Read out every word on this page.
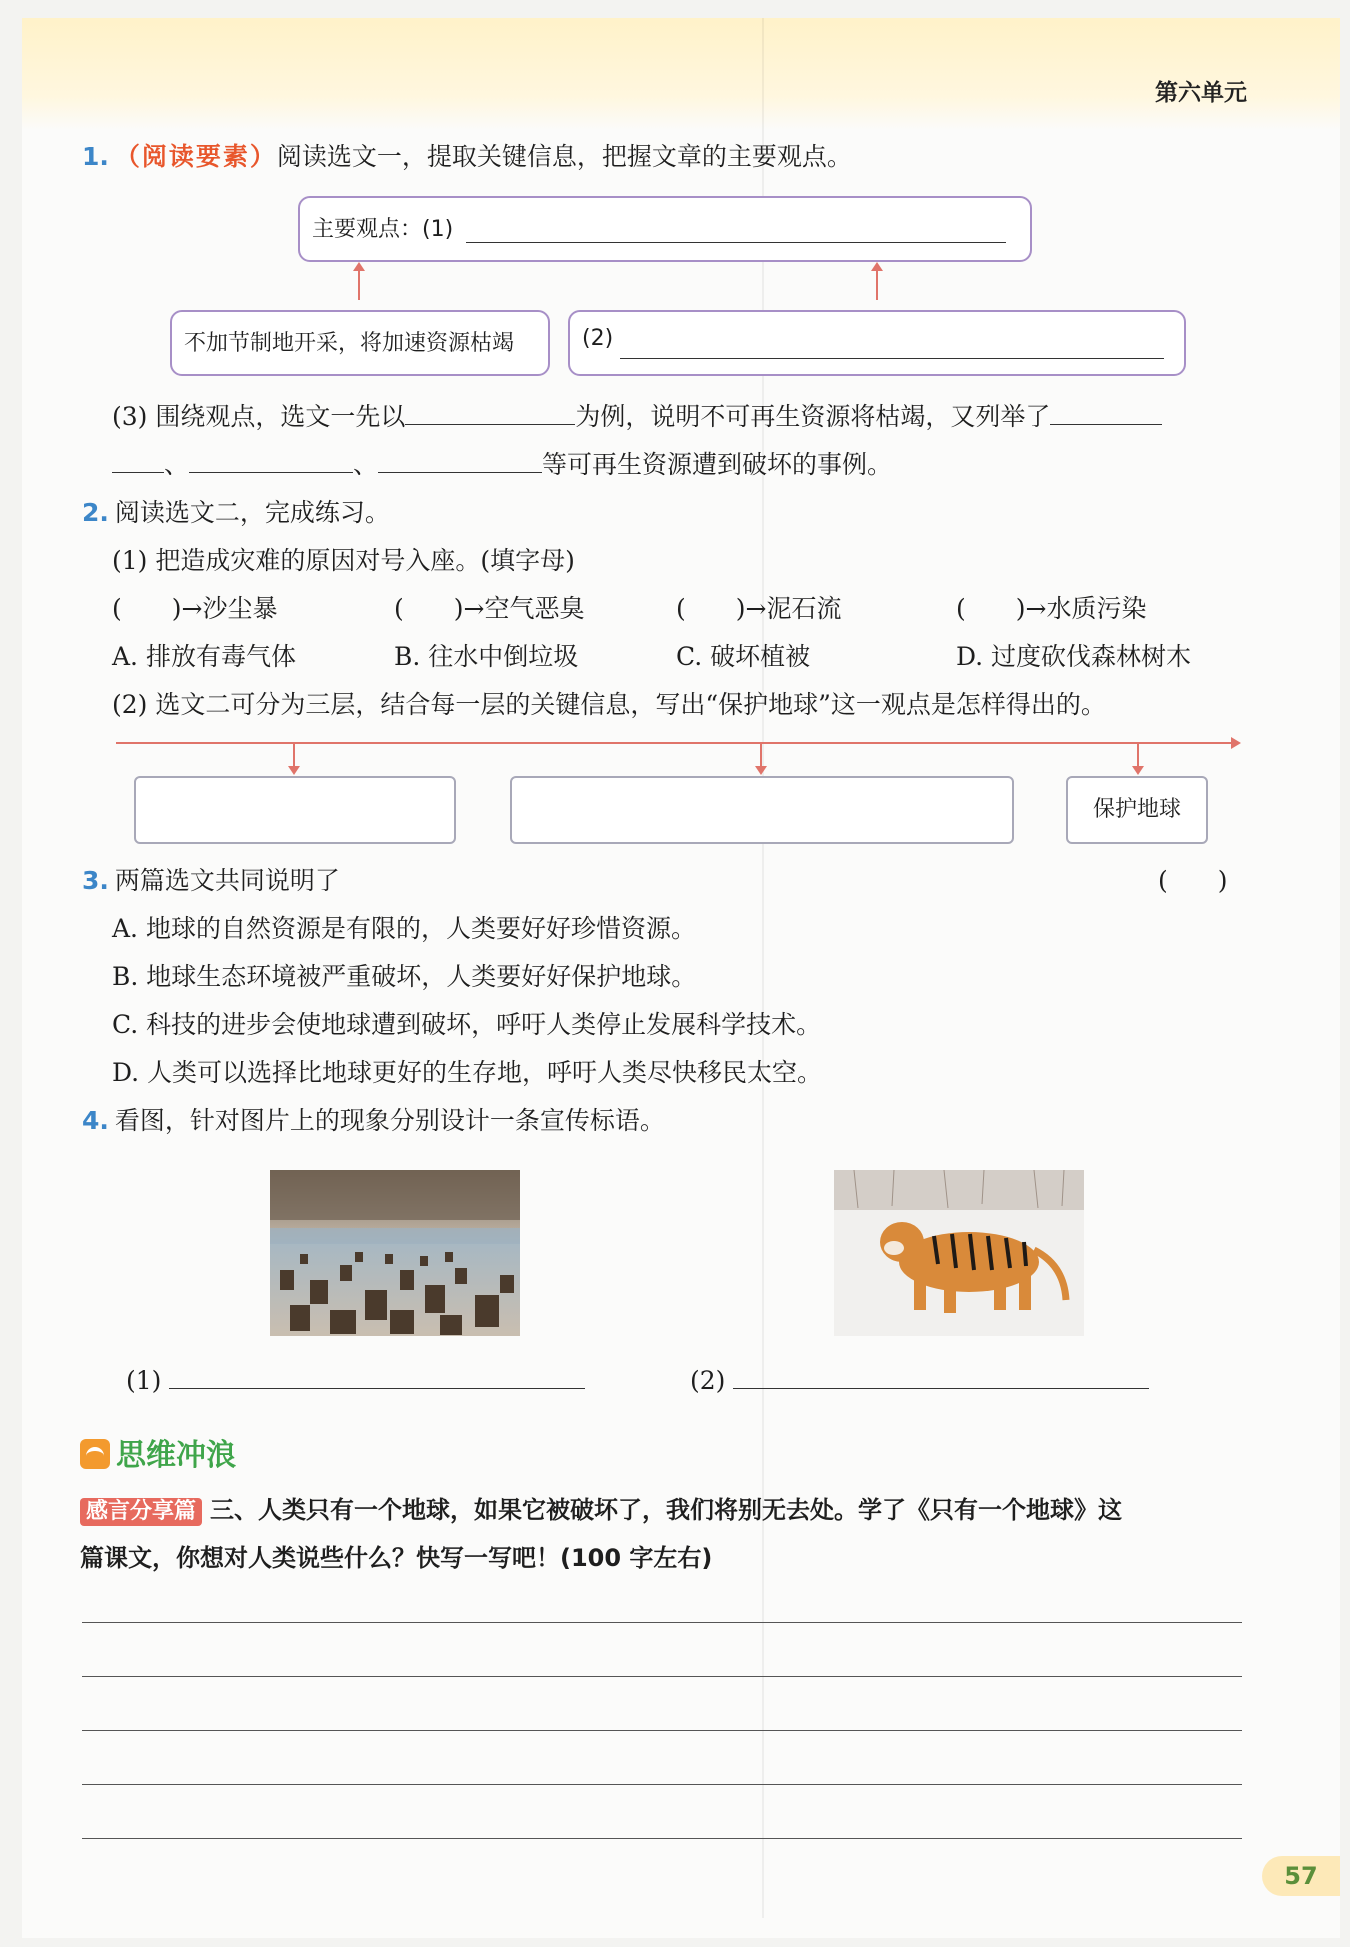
第六单元
1. （阅读要素）阅读选文一，提取关键信息，把握文章的主要观点。
主要观点：(1)
不加节制地开采，将加速资源枯竭	(2)
(3) 围绕观点，选文一先以	为例，说明不可再生资源将枯竭，又列举了
、	、	等可再生资源遭到破坏的事例。
2. 阅读选文二，完成练习。
(1) 把造成灾难的原因对号入座。(填字母)
(　　)→沙尘暴	(　　)→空气恶臭	(　　)→泥石流	(　　)→水质污染
A. 排放有毒气体	B. 往水中倒垃圾	C. 破坏植被	D. 过度砍伐森林树木
(2) 选文二可分为三层，结合每一层的关键信息，写出“保护地球”这一观点是怎样得出的。
保护地球
3. 两篇选文共同说明了	(　　)
A. 地球的自然资源是有限的，人类要好好珍惜资源。
B. 地球生态环境被严重破坏，人类要好好保护地球。
C. 科技的进步会使地球遭到破坏，呼吁人类停止发展科学技术。
D. 人类可以选择比地球更好的生存地，呼吁人类尽快移民太空。
4. 看图，针对图片上的现象分别设计一条宣传标语。
(1)	(2)
思维冲浪
感言分享篇 三、人类只有一个地球，如果它被破坏了，我们将别无去处。学了《只有一个地球》这
篇课文，你想对人类说些什么？快写一写吧！(100 字左右)
57
